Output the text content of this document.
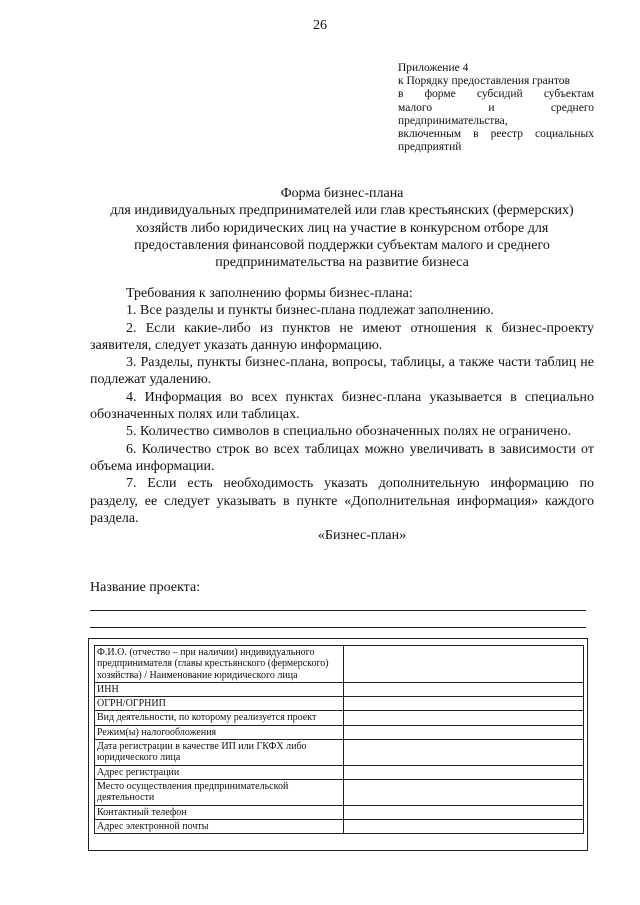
26
Приложение 4
к Порядку предоставления грантов
в форме субсидий субъектам
малого и среднего
предпринимательства,
включенным в реестр социальных
предприятий
Форма бизнес-плана
для индивидуальных предпринимателей или глав крестьянских (фермерских)
хозяйств либо юридических лиц на участие в конкурсном отборе для
предоставления финансовой поддержки субъектам малого и среднего
предпринимательства на развитие бизнеса

Требования к заполнению формы бизнес-плана:

1. Все разделы и пункты бизнес-плана подлежат заполнению.

2. Если какие-либо из пунктов не имеют отношения к бизнес-проекту заявителя, следует указать данную информацию.

3. Разделы, пункты бизнес-плана, вопросы, таблицы, а также части таблиц не подлежат удалению.

4. Информация во всех пунктах бизнес-плана указывается в специально обозначенных полях или таблицах.

5. Количество символов в специально обозначенных полях не ограничено.

6. Количество строк во всех таблицах можно увеличивать в зависимости от объема информации.

7. Если есть необходимость указать дополнительную информацию по разделу, ее следует указывать в пункте «Дополнительная информация» каждого раздела.

«Бизнес-план»

Название проекта:
Ф.И.О. (отчество – при наличии) индивидуального предпринимателя (главы крестьянского (фермерского) хозяйства) / Наименование юридического лица	
ИНН	
ОГРН/ОГРНИП	
Вид деятельности, по которому реализуется проект	
Режим(ы) налогообложения	
Дата регистрации в качестве ИП или ГКФХ либо юридического лица	
Адрес регистрации	
Место осуществления предпринимательской деятельности	
Контактный телефон	
Адрес электронной почты	
